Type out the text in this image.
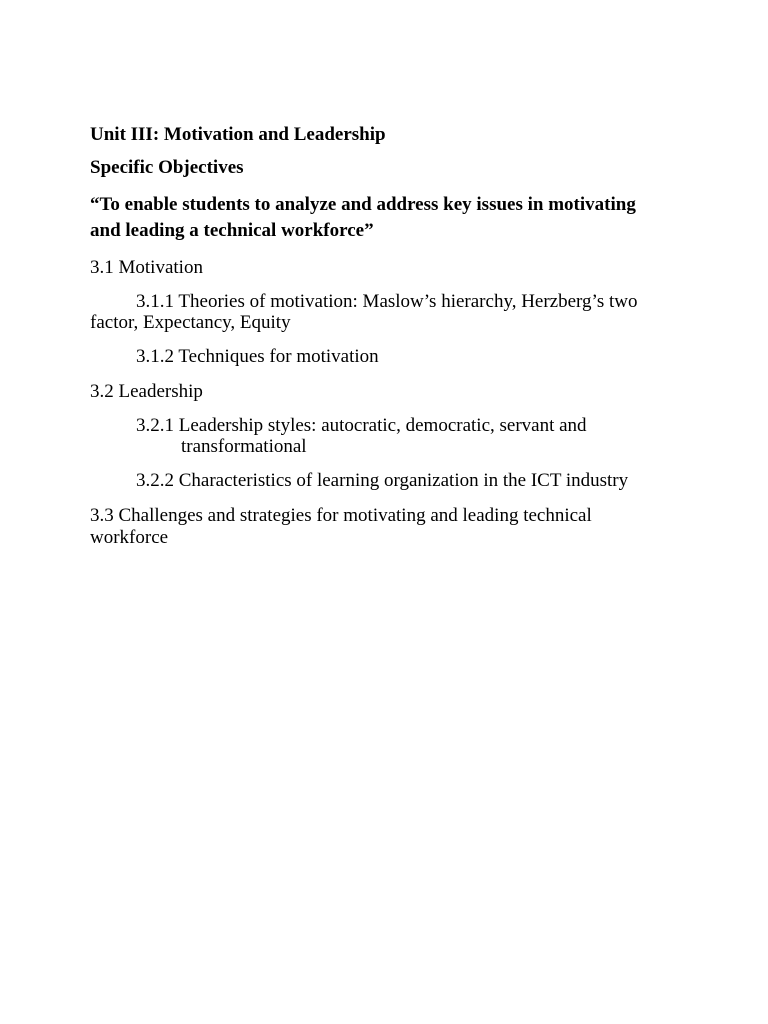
Unit III: Motivation and Leadership

Specific Objectives

“To enable students to analyze and address key issues in motivating

and leading a technical workforce”

3.1 Motivation

3.1.1 Theories of motivation: Maslow’s hierarchy, Herzberg’s two

factor, Expectancy, Equity

3.1.2 Techniques for motivation

3.2 Leadership

3.2.1 Leadership styles: autocratic, democratic, servant and

transformational

3.2.2 Characteristics of learning organization in the ICT industry

3.3 Challenges and strategies for motivating and leading technical

workforce
